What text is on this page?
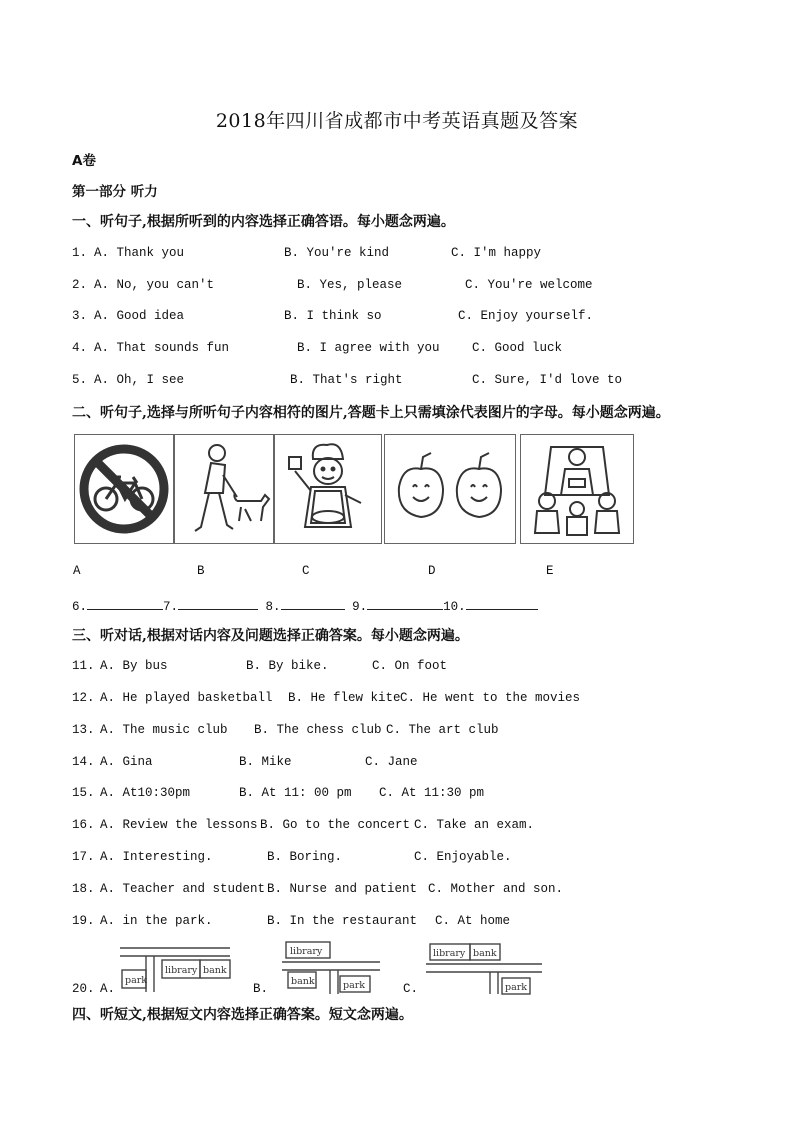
2018年四川省成都市中考英语真题及答案
A卷
第一部分 听力
一、听句子,根据所听到的内容选择正确答语。每小题念两遍。
1. A. Thank you	B. You're kind	C. I'm happy
2. A. No, you can't	B. Yes, please	C. You're welcome
3. A. Good idea	B. I think so	C. Enjoy yourself.
4. A. That sounds fun	B. I agree with you	C. Good luck
5. A. Oh, I see	B. That's right	C. Sure, I'd love to
二、听句子,选择与所听句子内容相符的图片,答题卡上只需填涂代表图片的字母。每小题念两遍。
A	B	C	D	E
6.	7.	8.	9.	10.
三、听对话,根据对话内容及问题选择正确答案。每小题念两遍。
11. A. By bus	B. By bike.	C. On foot
12. A. He played basketball B. He flew kite C. He went to the movies
13. A. The music club B. The chess club C. The art club
14. A. Gina	B. Mike	C. Jane
15. A. At10:30pm	B. At 11: 00 pm C. At 11:30 pm
16. A. Review the lessons B. Go to the concert C. Take an exam.
17. A. Interesting.	B. Boring.	C. Enjoyable.
18. A. Teacher and student B. Nurse and patient C. Mother and son.
19. A. in the park.	B. In the restaurant C. At home
20. A.	B.	C.
park
library bank
library
bank	park
library bank
park
四、听短文,根据短文内容选择正确答案。短文念两遍。
